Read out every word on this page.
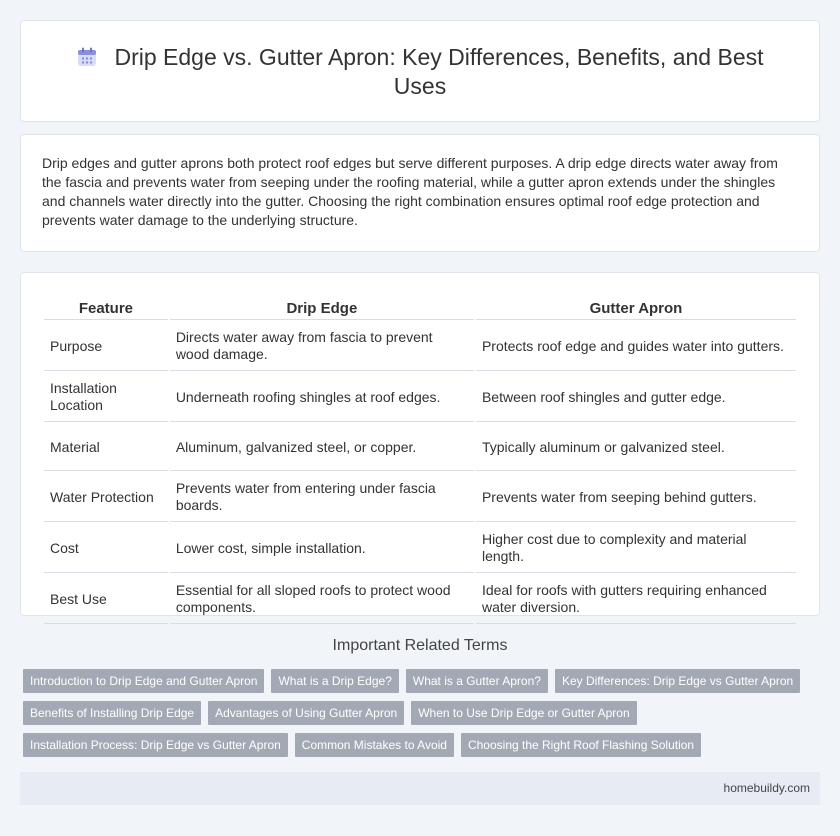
Drip Edge vs. Gutter Apron: Key Differences, Benefits, and Best Uses

Drip edges and gutter aprons both protect roof edges but serve different purposes. A drip edge directs water away from the fascia and prevents water from seeping under the roofing material, while a gutter apron extends under the shingles and channels water directly into the gutter. Choosing the right combination ensures optimal roof edge protection and prevents water damage to the underlying structure.

Feature	Drip Edge	Gutter Apron
Purpose	Directs water away from fascia to prevent wood damage.	Protects roof edge and guides water into gutters.
Installation Location	Underneath roofing shingles at roof edges.	Between roof shingles and gutter edge.
Material	Aluminum, galvanized steel, or copper.	Typically aluminum or galvanized steel.
Water Protection	Prevents water from entering under fascia boards.	Prevents water from seeping behind gutters.
Cost	Lower cost, simple installation.	Higher cost due to complexity and material length.
Best Use	Essential for all sloped roofs to protect wood components.	Ideal for roofs with gutters requiring enhanced water diversion.
Important Related Terms
Introduction to Drip Edge and Gutter Apron	What is a Drip Edge?	What is a Gutter Apron?	Key Differences: Drip Edge vs Gutter Apron
Benefits of Installing Drip Edge	Advantages of Using Gutter Apron	When to Use Drip Edge or Gutter Apron
Installation Process: Drip Edge vs Gutter Apron	Common Mistakes to Avoid	Choosing the Right Roof Flashing Solution
homebuildy.com
